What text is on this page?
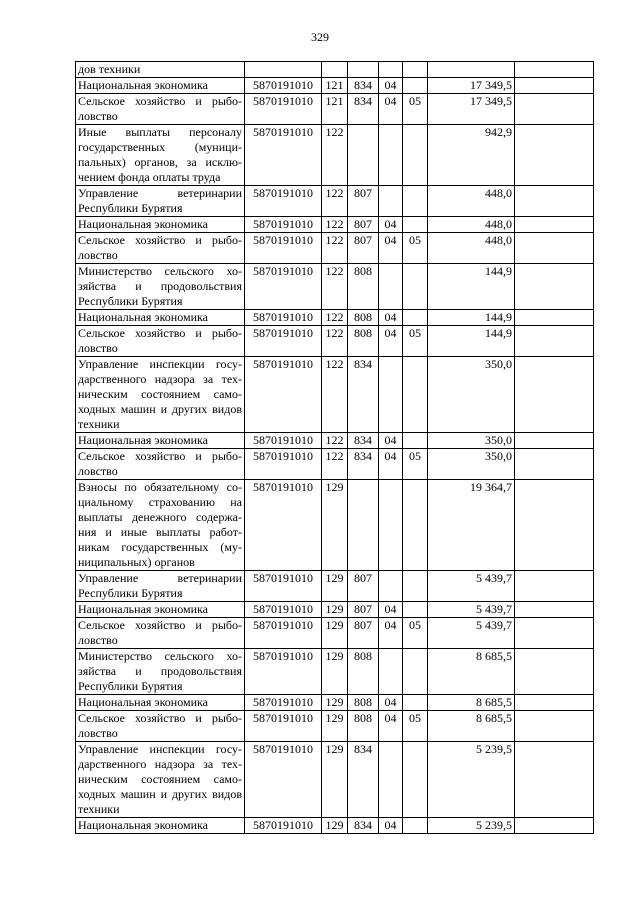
329
дов техники							
Национальная экономика	5870191010	121	834	04		17 349,5	
Сельское хозяйство и рыболовство	5870191010	121	834	04	05	17 349,5	
Иные выплаты персоналу государственных (муниципальных) органов, за исключением фонда оплаты труда	5870191010	122				942,9	
Управление ветеринарии Республики Бурятия	5870191010	122	807			448,0	
Национальная экономика	5870191010	122	807	04		448,0	
Сельское хозяйство и рыболовство	5870191010	122	807	04	05	448,0	
Министерство сельского хозяйства и продовольствия Республики Бурятия	5870191010	122	808			144,9	
Национальная экономика	5870191010	122	808	04		144,9	
Сельское хозяйство и рыболовство	5870191010	122	808	04	05	144,9	
Управление инспекции государственного надзора за техническим состоянием самоходных машин и других видов техники	5870191010	122	834			350,0	
Национальная экономика	5870191010	122	834	04		350,0	
Сельское хозяйство и рыболовство	5870191010	122	834	04	05	350,0	
Взносы по обязательному социальному страхованию на выплаты денежного содержания и иные выплаты работникам государственных (муниципальных) органов	5870191010	129				19 364,7	
Управление ветеринарии Республики Бурятия	5870191010	129	807			5 439,7	
Национальная экономика	5870191010	129	807	04		5 439,7	
Сельское хозяйство и рыболовство	5870191010	129	807	04	05	5 439,7	
Министерство сельского хозяйства и продовольствия Республики Бурятия	5870191010	129	808			8 685,5	
Национальная экономика	5870191010	129	808	04		8 685,5	
Сельское хозяйство и рыболовство	5870191010	129	808	04	05	8 685,5	
Управление инспекции государственного надзора за техническим состоянием самоходных машин и других видов техники	5870191010	129	834			5 239,5	
Национальная экономика	5870191010	129	834	04		5 239,5	
